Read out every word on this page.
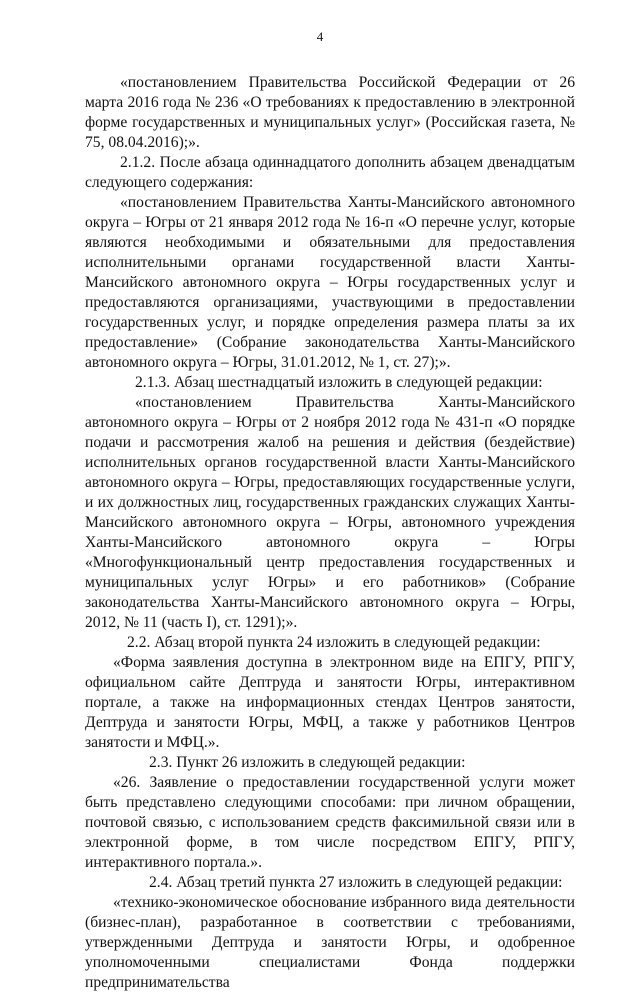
4

«постановлением Правительства Российской Федерации от 26 марта 2016 года № 236 «О требованиях к предоставлению в электронной форме государственных и муниципальных услуг» (Российская газета, № 75, 08.04.2016);».

2.1.2. После абзаца одиннадцатого дополнить абзацем двенадцатым следующего содержания:

«постановлением Правительства Ханты-Мансийского автономного округа – Югры от 21 января 2012 года № 16-п «О перечне услуг, которые являются необходимыми и обязательными для предоставления исполнительными органами государственной власти Ханты-Мансийского автономного округа – Югры государственных услуг и предоставляются организациями, участвующими в предоставлении государственных услуг, и порядке определения размера платы за их предоставление» (Собрание законодательства Ханты-Мансийского автономного округа – Югры, 31.01.2012, № 1, ст. 27);».

2.1.3. Абзац шестнадцатый изложить в следующей редакции:

«постановлением Правительства Ханты-Мансийского автономного округа – Югры от 2 ноября 2012 года № 431-п «О порядке подачи и рассмотрения жалоб на решения и действия (бездействие) исполнительных органов государственной власти Ханты-Мансийского автономного округа – Югры, предоставляющих государственные услуги, и их должностных лиц, государственных гражданских служащих Ханты-Мансийского автономного округа – Югры, автономного учреждения Ханты-Мансийского автономного округа – Югры «Многофункциональный центр предоставления государственных и муниципальных услуг Югры» и его работников» (Собрание законодательства Ханты-Мансийского автономного округа – Югры, 2012, № 11 (часть I), ст. 1291);».

2.2. Абзац второй пункта 24 изложить в следующей редакции:

«Форма заявления доступна в электронном виде на ЕПГУ, РПГУ, официальном сайте Дептруда и занятости Югры, интерактивном портале, а также на информационных стендах Центров занятости, Дептруда и занятости Югры, МФЦ, а также у работников Центров занятости и МФЦ.».

2.3. Пункт 26 изложить в следующей редакции:

«26. Заявление о предоставлении государственной услуги может быть представлено следующими способами: при личном обращении, почтовой связью, с использованием средств факсимильной связи или в электронной форме, в том числе посредством ЕПГУ, РПГУ, интерактивного портала.».

2.4. Абзац третий пункта 27 изложить в следующей редакции:

«технико-экономическое обоснование избранного вида деятельности (бизнес-план), разработанное в соответствии с требованиями, утвержденными Дептруда и занятости Югры, и одобренное уполномоченными специалистами Фонда поддержки предпринимательства
